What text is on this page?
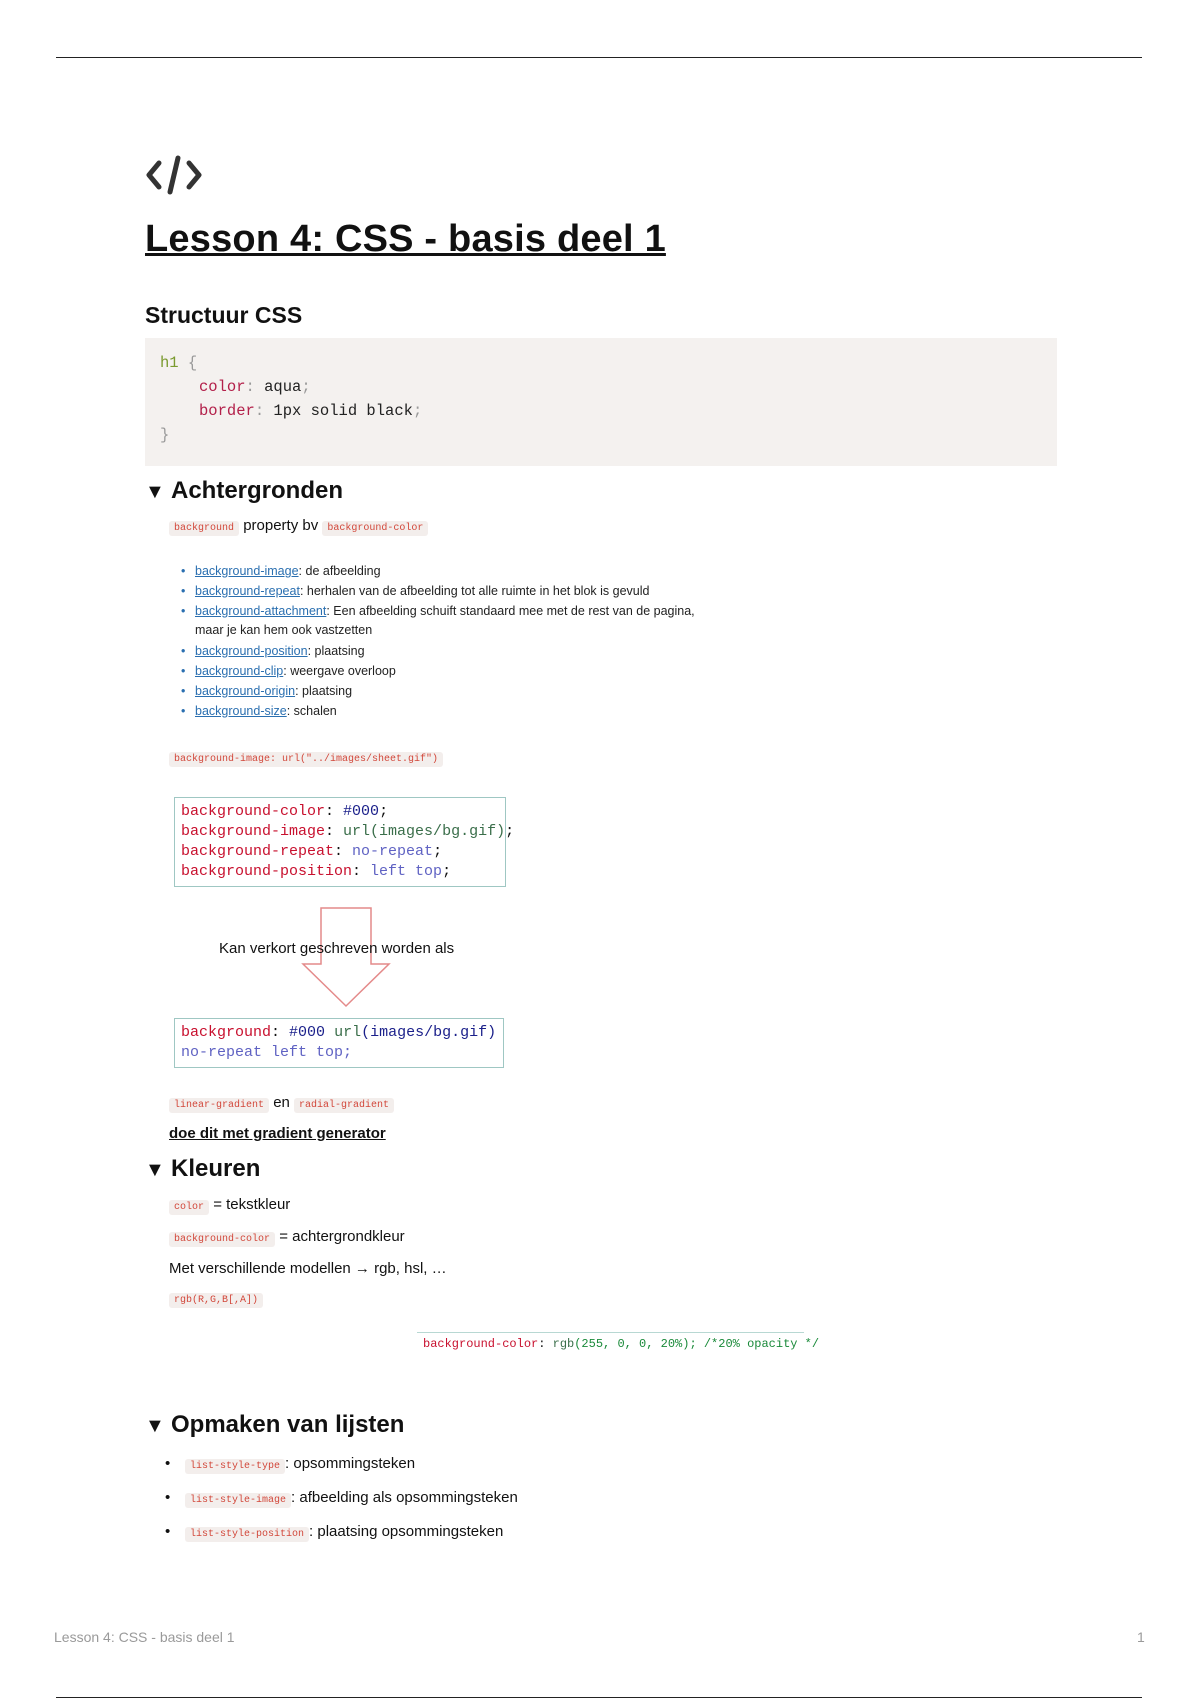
Lesson 4: CSS - basis deel 1
Structuur CSS
h1 {
color: aqua;
border: 1px solid black;
}
▼ Achtergronden
background property bv background-color
• background-image: de afbeelding
• background-repeat: herhalen van de afbeelding tot alle ruimte in het blok is gevuld
• background-attachment: Een afbeelding schuift standaard mee met de rest van de pagina, maar je kan hem ook vastzetten
• background-position: plaatsing
• background-clip: weergave overloop
• background-origin: plaatsing
• background-size: schalen
background-image: url("../images/sheet.gif")
background-color: #000;
background-image: url(images/bg.gif);
background-repeat: no-repeat;
background-position: left top;
Kan verkort geschreven worden als
background: #000 url(images/bg.gif)
no-repeat left top;
linear-gradient en radial-gradient
doe dit met gradient generator
▼ Kleuren
color = tekstkleur
background-color = achtergrondkleur
Met verschillende modellen → rgb, hsl, …
rgb(R,G,B[,A])
background-color: rgb(255, 0, 0, 20%); /*20% opacity */
▼ Opmaken van lijsten
• list-style-type : opsommingsteken
• list-style-image : afbeelding als opsommingsteken
• list-style-position : plaatsing opsommingsteken
Lesson 4: CSS - basis deel 1	1
